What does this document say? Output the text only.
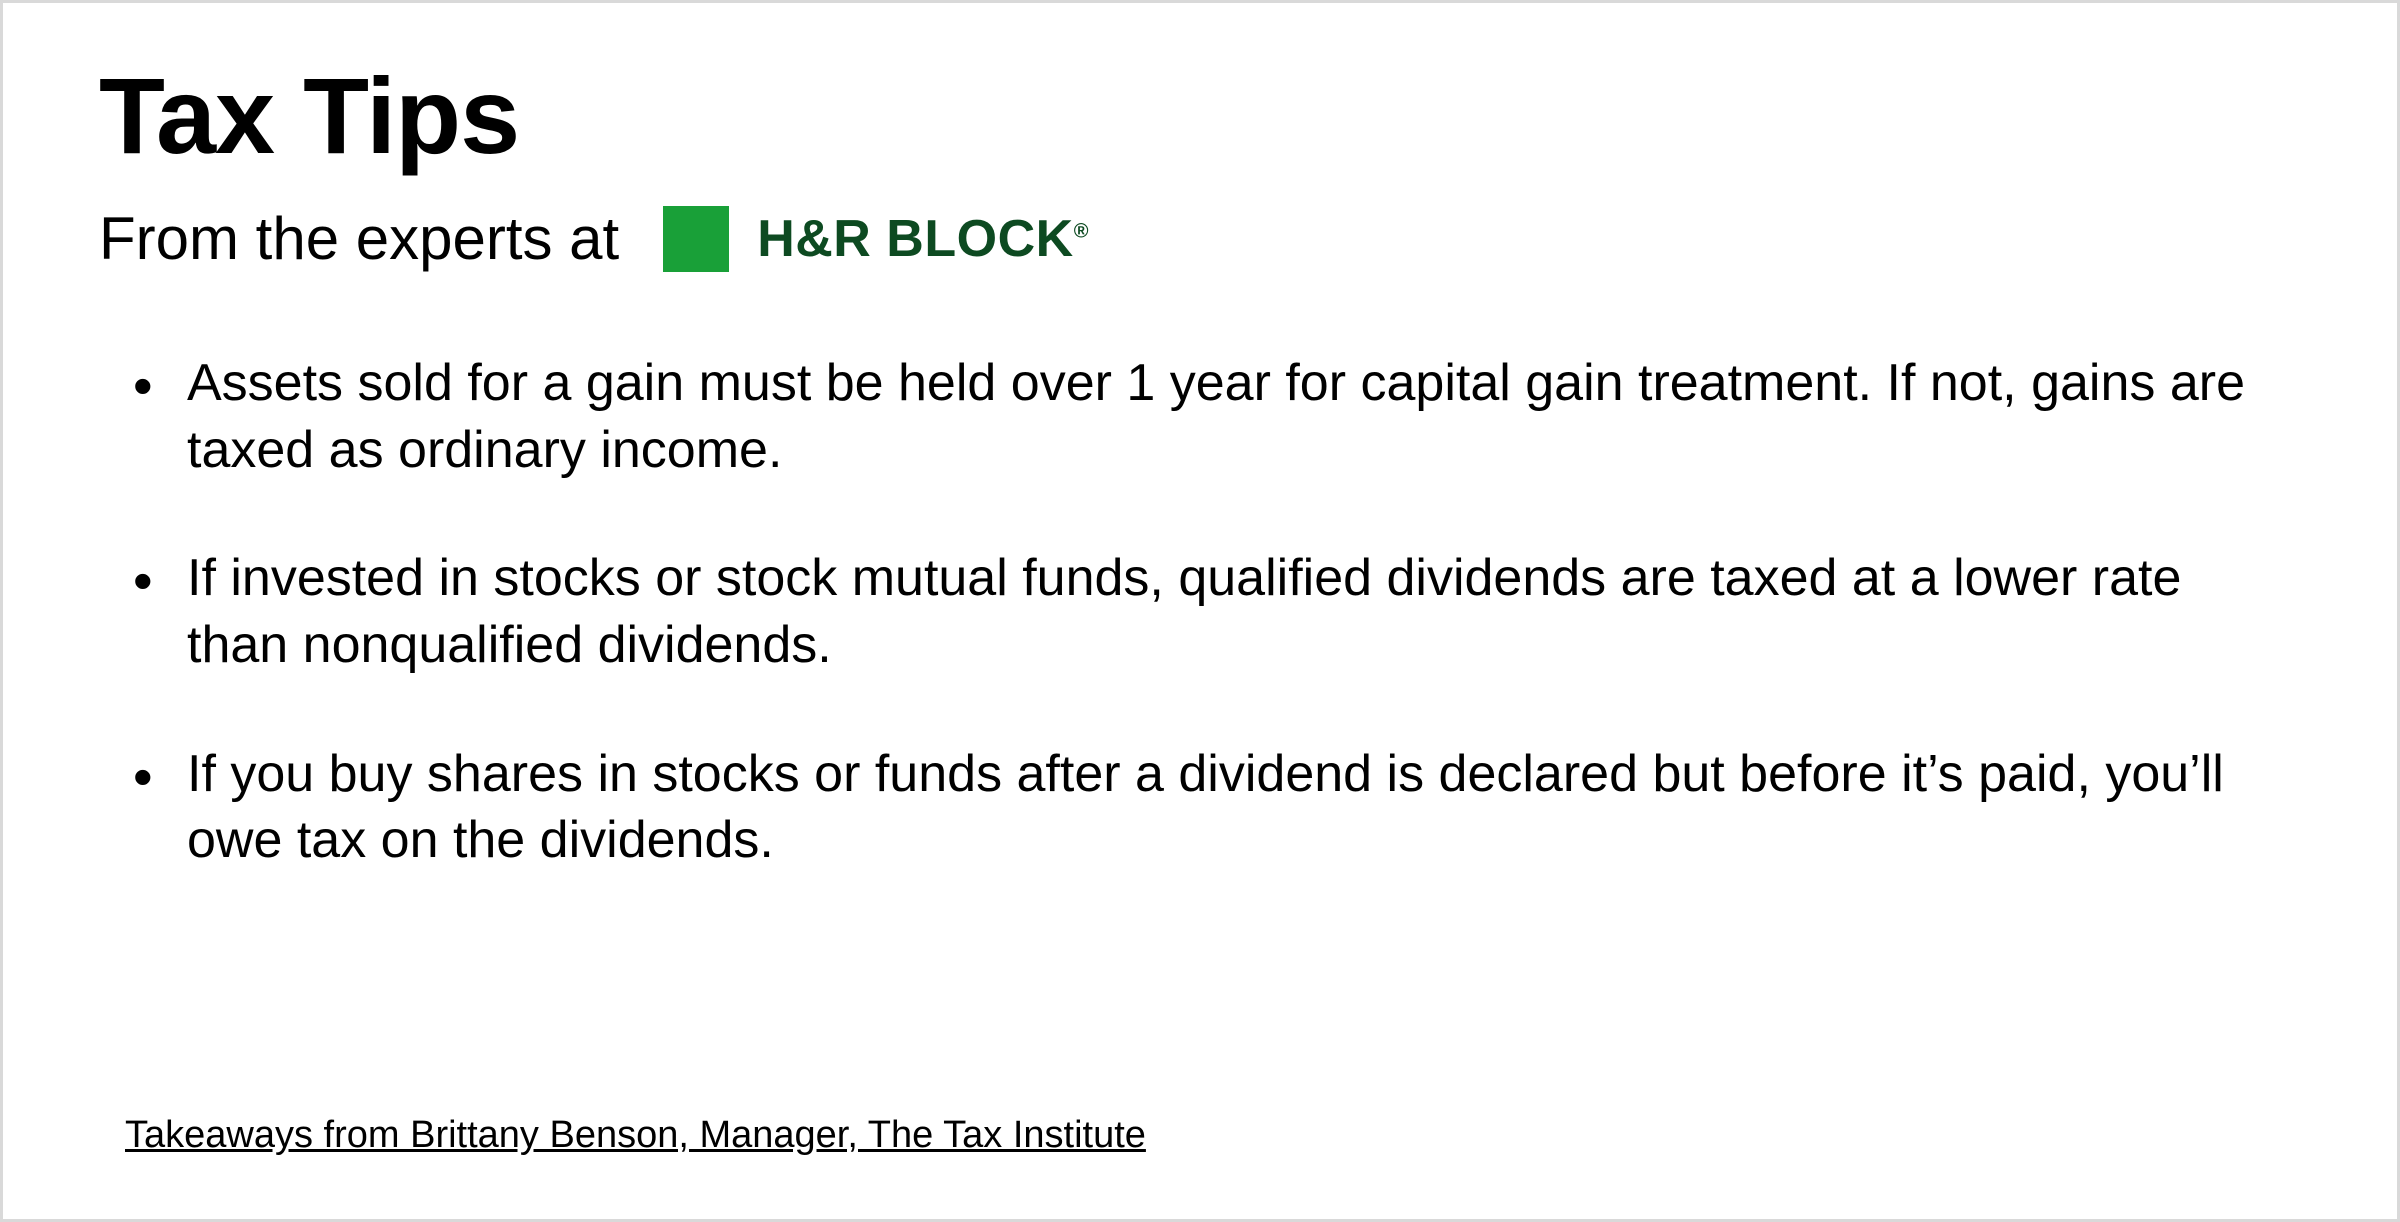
Tax Tips
From the experts at	H&R BLOCK®
• Assets sold for a gain must be held over 1 year for capital gain treatment. If not, gains are taxed as ordinary income.
• If invested in stocks or stock mutual funds, qualified dividends are taxed at a lower rate than nonqualified dividends.
• If you buy shares in stocks or funds after a dividend is declared but before it’s paid, you’ll owe tax on the dividends.
Takeaways from Brittany Benson, Manager, The Tax Institute
